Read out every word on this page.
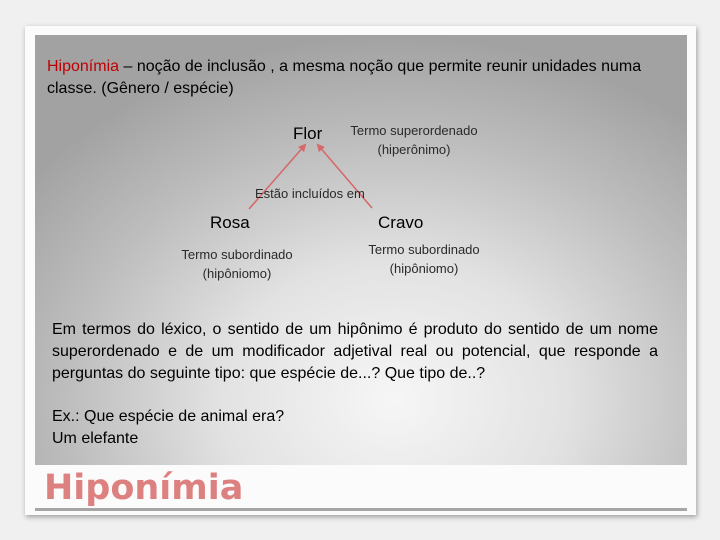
Hiponímia – noção de inclusão , a mesma noção que permite reunir unidades numa classe. (Gênero / espécie)

Flor	Termo superordenado
(hiperônimo)
Estão incluídos em
Rosa	Cravo
Termo subordinado
(hipôniomo)
Termo subordinado
(hipôniomo)

Em termos do léxico, o sentido de um hipônimo é produto do sentido de um nome superordenado e de um modificador adjetival real ou potencial, que responde a perguntas do seguinte tipo: que espécie de...? Que tipo de..?

Ex.: Que espécie de animal era?
Um elefante
Hiponímia
